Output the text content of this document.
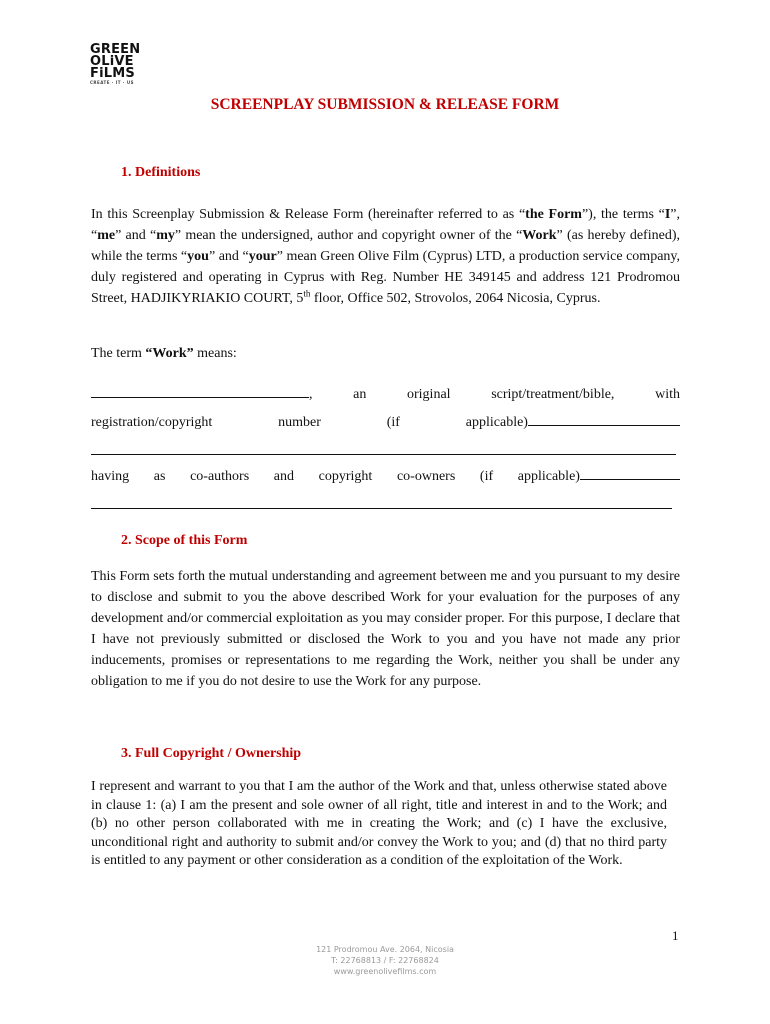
GREEN
OLiVE
FiLMS
CREATE · IT · US
SCREENPLAY SUBMISSION & RELEASE FORM
1. Definitions
In this Screenplay Submission & Release Form (hereinafter referred to as “the Form”), the terms “I”, “me” and “my” mean the undersigned, author and copyright owner of the “Work” (as hereby defined), while the terms “you” and “your” mean Green Olive Film (Cyprus) LTD, a production service company, duly registered and operating in Cyprus with Reg. Number HE 349145 and address 121 Prodromou Street, HADJIKYRIAKIO COURT, 5th floor, Office 502, Strovolos, 2064 Nicosia, Cyprus.
The term “Work” means:
,	an	original	script/treatment/bible,	with
registration/copyright	number	(if	applicable)
having as co-authors and copyright co-owners (if applicable)
2. Scope of this Form
This Form sets forth the mutual understanding and agreement between me and you pursuant to my desire to disclose and submit to you the above described Work for your evaluation for the purposes of any development and/or commercial exploitation as you may consider proper. For this purpose, I declare that I have not previously submitted or disclosed the Work to you and you have not made any prior inducements, promises or representations to me regarding the Work, neither you shall be under any obligation to me if you do not desire to use the Work for any purpose.
3. Full Copyright / Ownership
I represent and warrant to you that I am the author of the Work and that, unless otherwise stated above in clause 1: (a) I am the present and sole owner of all right, title and interest in and to the Work; and (b) no other person collaborated with me in creating the Work; and (c) I have the exclusive, unconditional right and authority to submit and/or convey the Work to you; and (d) that no third party is entitled to any payment or other consideration as a condition of the exploitation of the Work.
1
121 Prodromou Ave. 2064, Nicosia
T: 22768813 / F: 22768824
www.greenolivefilms.com
